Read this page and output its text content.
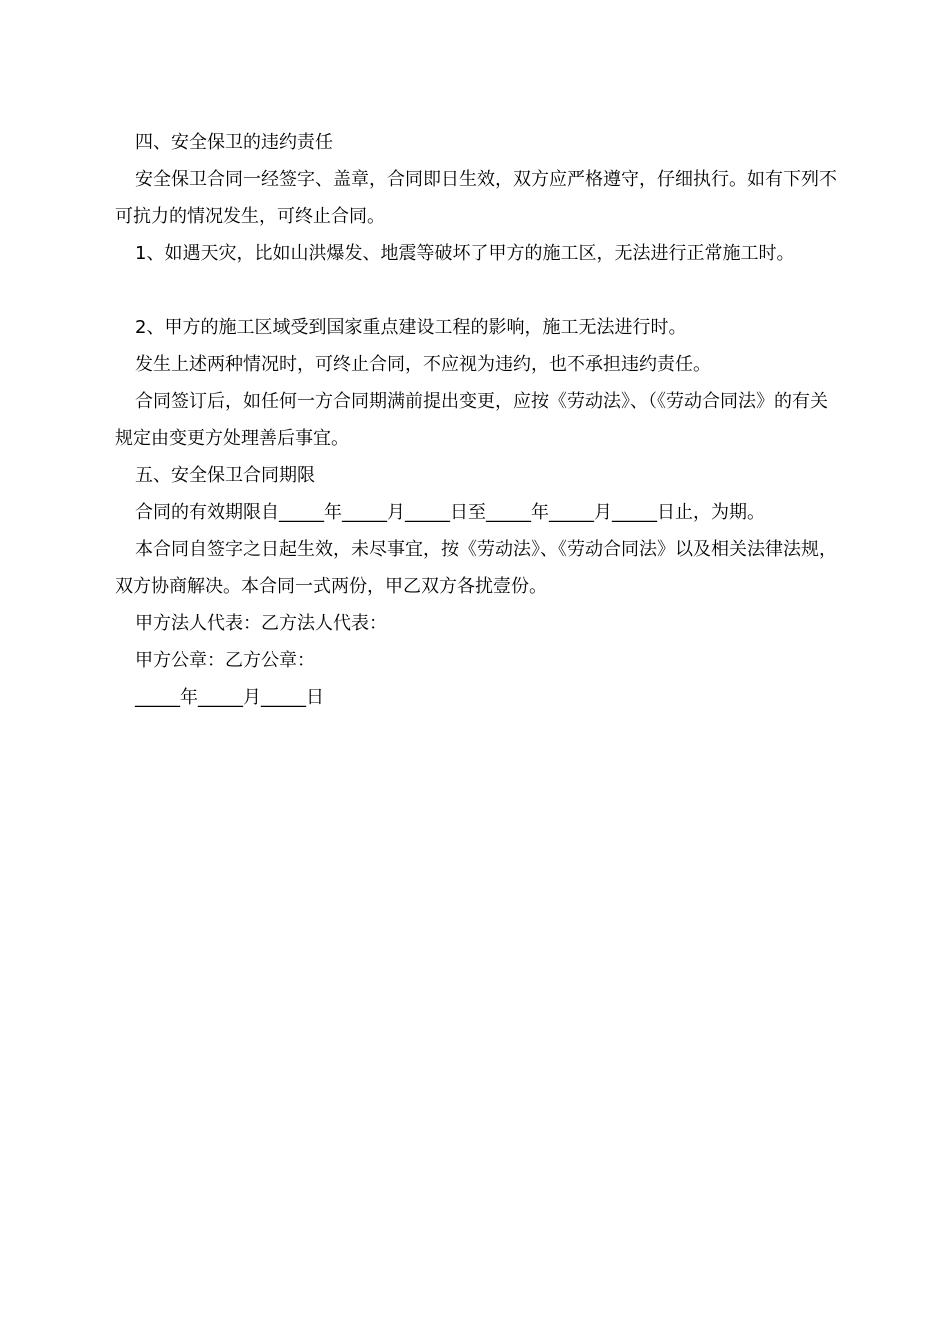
四、安全保卫的违约责任

安全保卫合同一经签字、盖章，合同即日生效，双方应严格遵守，仔细执行。如有下列不可抗力的情况发生，可终止合同。

1、如遇天灾，比如山洪爆发、地震等破坏了甲方的施工区，无法进行正常施工时。

2、甲方的施工区域受到国家重点建设工程的影响，施工无法进行时。

发生上述两种情况时，可终止合同，不应视为违约，也不承担违约责任。

合同签订后，如任何一方合同期满前提出变更，应按《劳动法》、（《劳动合同法》的有关规定由变更方处理善后事宜。

五、安全保卫合同期限

合同的有效期限自_____年_____月_____日至_____年_____月_____日止，为期。

本合同自签字之日起生效，未尽事宜，按《劳动法》、《劳动合同法》以及相关法律法规，双方协商解决。本合同一式两份，甲乙双方各扰壹份。

甲方法人代表：乙方法人代表：

甲方公章：乙方公章：

_____年_____月_____日
